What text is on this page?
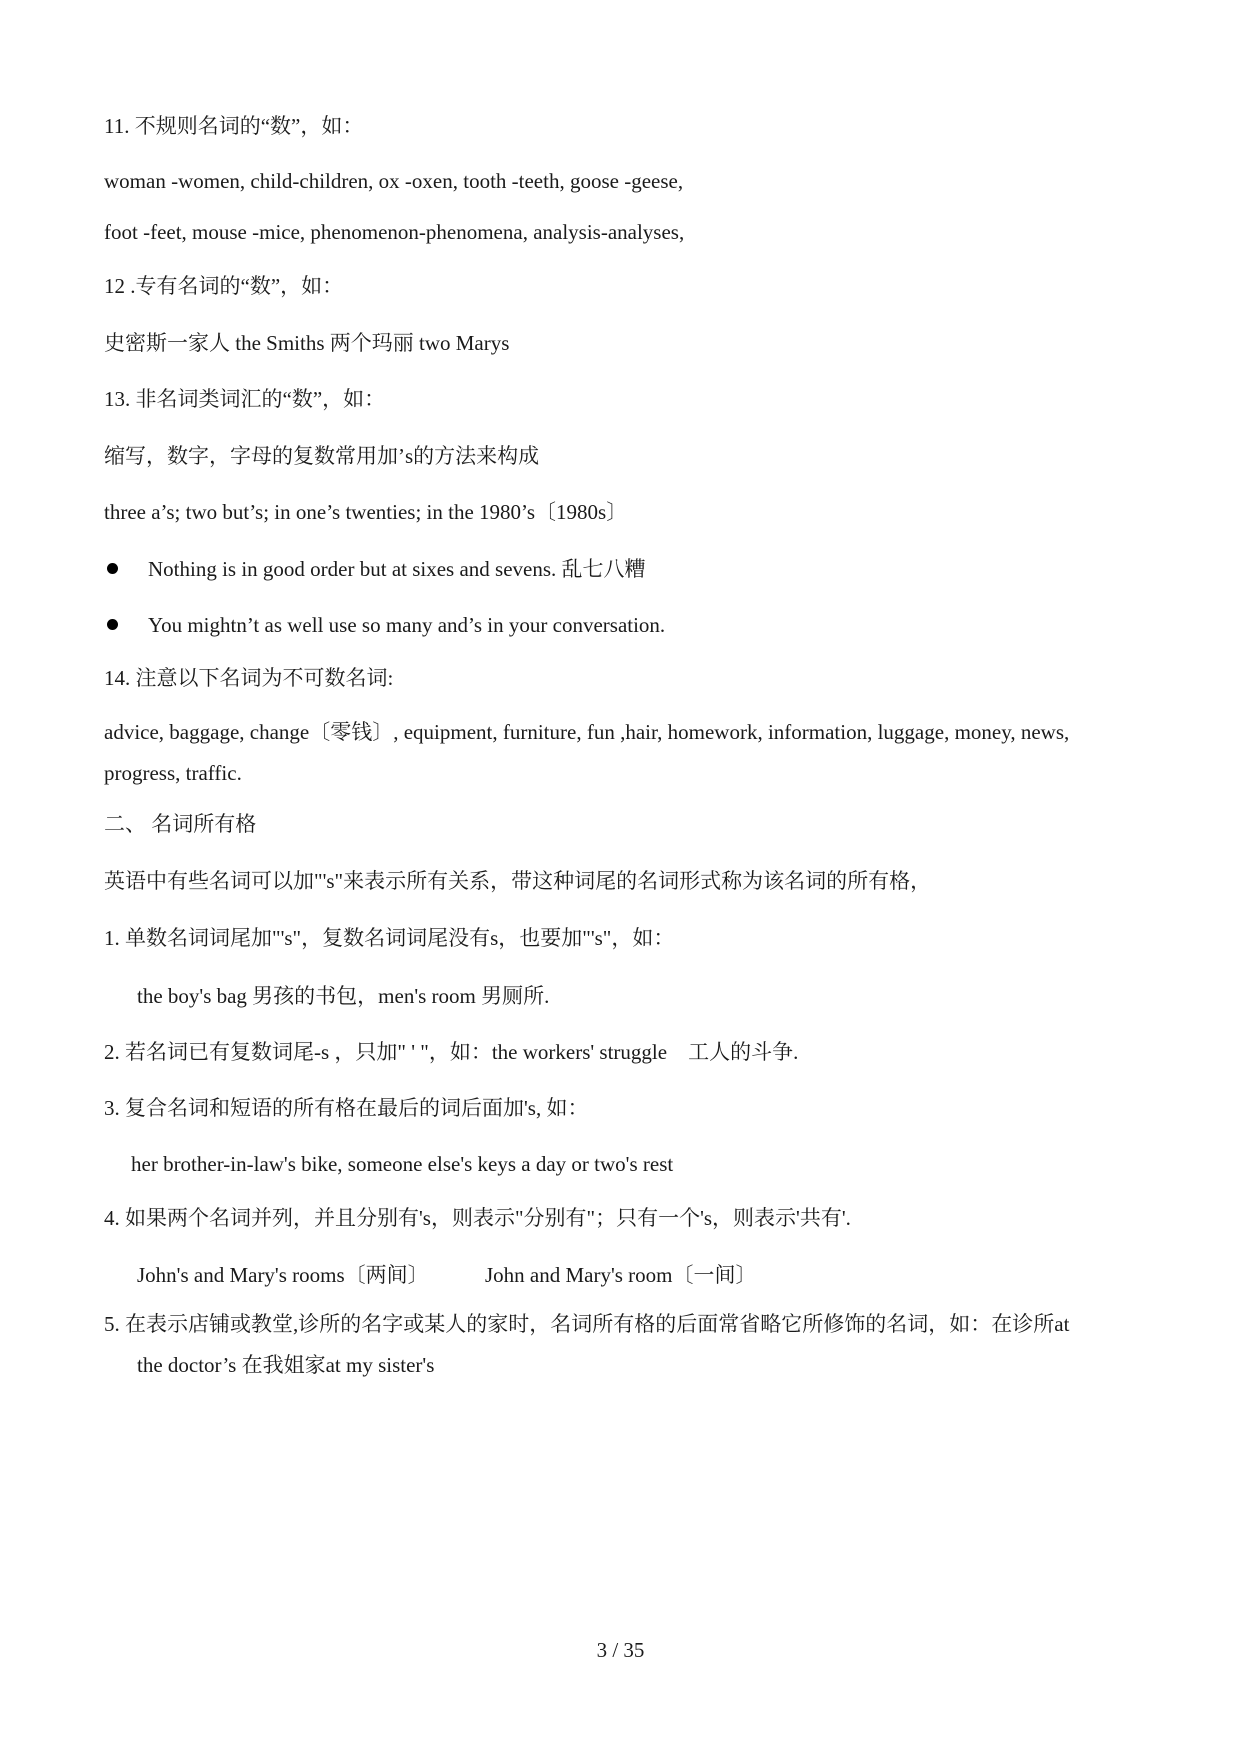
11. 不规则名词的“数”，如：
woman -women, child-children, ox -oxen, tooth -teeth, goose -geese,
foot -feet, mouse -mice, phenomenon-phenomena, analysis-analyses,
12 .专有名词的“数”，如：
史密斯一家人 the Smiths 两个玛丽 two Marys
13. 非名词类词汇的“数”，如：
缩写，数字，字母的复数常用加’s的方法来构成
three a’s; two but’s; in one’s twenties; in the 1980’s〔1980s〕
Nothing is in good order but at sixes and sevens. 乱七八糟
You mightn’t as well use so many and’s in your conversation.
14. 注意以下名词为不可数名词:
advice, baggage, change〔零钱〕, equipment, furniture, fun ,hair, homework, information, luggage, money, news, progress, traffic.
二、 名词所有格
英语中有些名词可以加"'s"来表示所有关系，带这种词尾的名词形式称为该名词的所有格，
1. 单数名词词尾加"'s"，复数名词词尾没有s，也要加"'s"，如：
the boy's bag 男孩的书包，men's room 男厕所.
2. 若名词已有复数词尾-s ，只加" ' "，如：the workers' struggle　工人的斗争.
3. 复合名词和短语的所有格在最后的词后面加's, 如：
her brother-in-law's bike, someone else's keys a day or two's rest
4. 如果两个名词并列，并且分别有's，则表示"分别有"；只有一个's，则表示'共有'.
John's and Mary's rooms〔两间〕	John and Mary's room〔一间〕
5. 在表示店铺或教堂,诊所的名字或某人的家时，名词所有格的后面常省略它所修饰的名词，如：在诊所at
the doctor’s 在我姐家at my sister's
3 / 35
